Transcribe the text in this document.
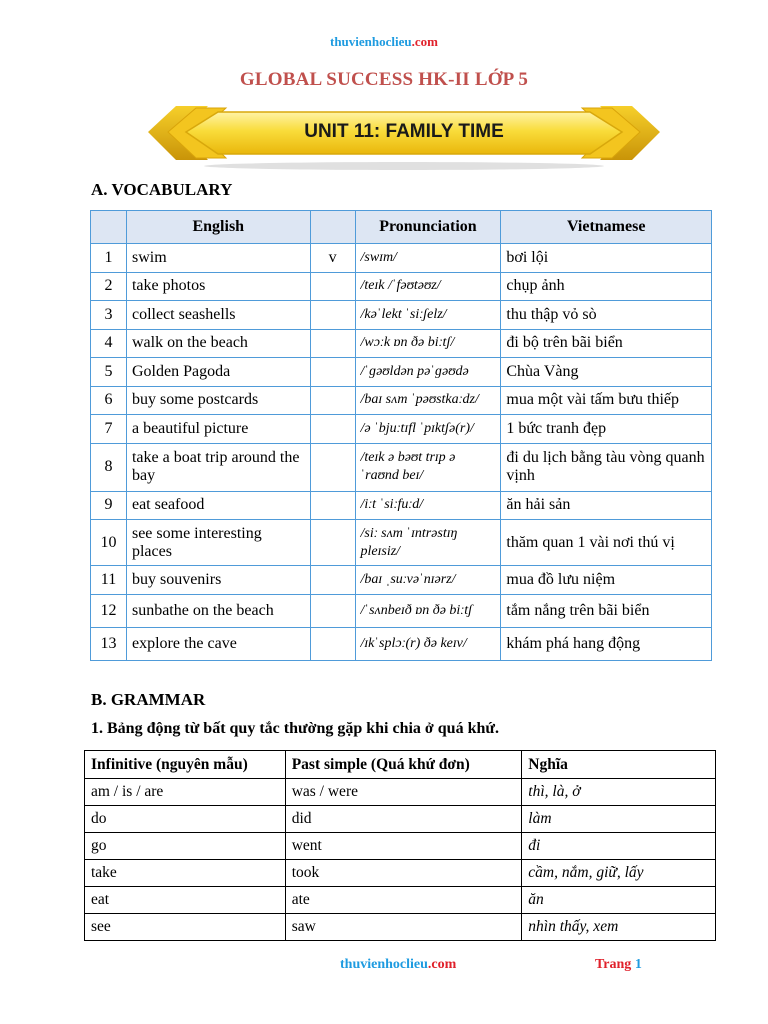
thuvienhoclieu.com
GLOBAL SUCCESS HK-II LỚP 5
UNIT 11: FAMILY TIME
A. VOCABULARY
	English		Pronunciation	Vietnamese
1	swim	v	/swɪm/	bơi lội
2	take photos		/teɪk /ˈfəʊtəʊz/	chụp ảnh
3	collect seashells		/kəˈlekt ˈsiːʃelz/	thu thập vỏ sò
4	walk on the beach		/wɔːk ɒn ðə biːtʃ/	đi bộ trên bãi biển
5	Golden Pagoda		/ˈɡəʊldən pəˈɡəʊdə	Chùa Vàng
6	buy some postcards		/baɪ sʌm ˈpəʊstkaːdz/	mua một vài tấm bưu thiếp
7	a beautiful picture		/ə ˈbjuːtɪfl ˈpɪktʃə(r)/	1 bức tranh đẹp
8	take a boat trip around the bay		/teɪk ə bəʊt trɪp ə ˈraʊnd beɪ/	đi du lịch bằng tàu vòng quanh vịnh
9	eat seafood		/iːt ˈsiːfuːd/	ăn hải sản
10	see some interesting places		/siː sʌm ˈɪntrəstɪŋ pleɪsiz/	thăm quan 1 vài nơi thú vị
11	buy souvenirs		/baɪ ˌsuːvəˈnɪərz/	mua đồ lưu niệm
12	sunbathe on the beach		/ˈsʌnbeɪð ɒn ðə biːtʃ	tắm nắng trên bãi biển
13	explore the cave		/ɪkˈsplɔː(r) ðə keɪv/	khám phá hang động
B. GRAMMAR
1. Bảng động từ bất quy tắc thường gặp khi chia ở quá khứ.
Infinitive (nguyên mẫu)	Past simple (Quá khứ đơn)	Nghĩa
am / is / are	was / were	thì, là, ở
do	did	làm
go	went	đi
take	took	cầm, nắm, giữ, lấy
eat	ate	ăn
see	saw	nhìn thấy, xem
thuvienhoclieu.com	Trang 1
